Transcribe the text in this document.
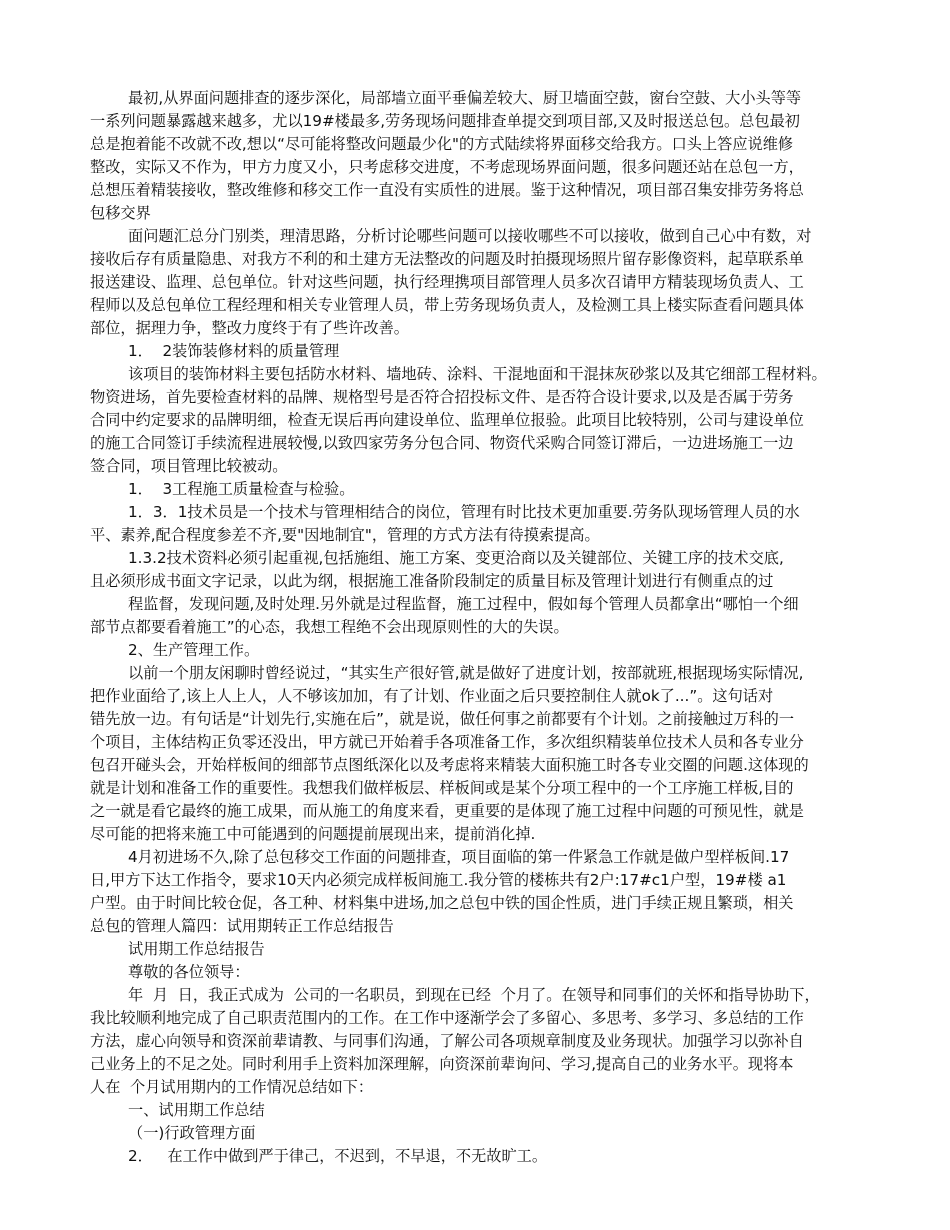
最初,从界面问题排查的逐步深化，局部墙立面平垂偏差较大、厨卫墙面空鼓，窗台空鼓、大小头等等
一系列问题暴露越来越多，尤以19#楼最多,劳务现场问题排查单提交到项目部,又及时报送总包。总包最初
总是抱着能不改就不改,想以“尽可能将整改问题最少化"的方式陆续将界面移交给我方。口头上答应说维修
整改，实际又不作为，甲方力度又小，只考虑移交进度，不考虑现场界面问题，很多问题还站在总包一方，
总想压着精装接收，整改维修和移交工作一直没有实质性的进展。鉴于这种情况，项目部召集安排劳务将总
包移交界
面问题汇总分门别类，理清思路，分析讨论哪些问题可以接收哪些不可以接收，做到自己心中有数，对
接收后存有质量隐患、对我方不利的和土建方无法整改的问题及时拍摄现场照片留存影像资料，起草联系单
报送建设、监理、总包单位。针对这些问题，执行经理携项目部管理人员多次召请甲方精装现场负责人、工
程师以及总包单位工程经理和相关专业管理人员，带上劳务现场负责人，及检测工具上楼实际查看问题具体
部位，据理力争，整改力度终于有了些许改善。
1．  2装饰装修材料的质量管理
该项目的装饰材料主要包括防水材料、墙地砖、涂料、干混地面和干混抹灰砂浆以及其它细部工程材料。
物资进场，首先要检查材料的品牌、规格型号是否符合招投标文件、是否符合设计要求,以及是否属于劳务
合同中约定要求的品牌明细，检查无误后再向建设单位、监理单位报验。此项目比较特别，公司与建设单位
的施工合同签订手续流程进展较慢,以致四家劳务分包合同、物资代采购合同签订滞后，一边进场施工一边
签合同，项目管理比较被动。
1．  3工程施工质量检查与检验。
1．3．1技术员是一个技术与管理相结合的岗位，管理有时比技术更加重要.劳务队现场管理人员的水
平、素养,配合程度参差不齐,要"因地制宜"，管理的方式方法有待摸索提高。
1.3.2技术资料必须引起重视,包括施组、施工方案、变更洽商以及关键部位、关键工序的技术交底,
且必须形成书面文字记录，以此为纲，根据施工准备阶段制定的质量目标及管理计划进行有侧重点的过
程监督，发现问题,及时处理.另外就是过程监督，施工过程中，假如每个管理人员都拿出“哪怕一个细
部节点都要看着施工”的心态，我想工程绝不会出现原则性的大的失误。
2、生产管理工作。
以前一个朋友闲聊时曾经说过，“其实生产很好管,就是做好了进度计划，按部就班,根据现场实际情况,
把作业面给了,该上人上人，人不够该加加，有了计划、作业面之后只要控制住人就ok了...”。这句话对
错先放一边。有句话是“计划先行,实施在后”，就是说，做任何事之前都要有个计划。之前接触过万科的一
个项目，主体结构正负零还没出，甲方就已开始着手各项准备工作，多次组织精装单位技术人员和各专业分
包召开碰头会，开始样板间的细部节点图纸深化以及考虑将来精装大面积施工时各专业交圈的问题.这体现的
就是计划和准备工作的重要性。我想我们做样板层、样板间或是某个分项工程中的一个工序施工样板,目的
之一就是看它最终的施工成果，而从施工的角度来看，更重要的是体现了施工过程中问题的可预见性，就是
尽可能的把将来施工中可能遇到的问题提前展现出来，提前消化掉.
4月初进场不久,除了总包移交工作面的问题排查，项目面临的第一件紧急工作就是做户型样板间.17
日,甲方下达工作指令，要求10天内必须完成样板间施工.我分管的楼栋共有2户:17#c1户型，19#楼 a1
户型。由于时间比较仓促，各工种、材料集中进场,加之总包中铁的国企性质，进门手续正规且繁琐，相关
总包的管理人篇四：试用期转正工作总结报告
试用期工作总结报告
尊敬的各位领导：
年  月  日，我正式成为  公司的一名职员，到现在已经  个月了。在领导和同事们的关怀和指导协助下，
我比较顺利地完成了自己职责范围内的工作。在工作中逐渐学会了多留心、多思考、多学习、多总结的工作
方法，虚心向领导和资深前辈请教、与同事们沟通，了解公司各项规章制度及业务现状。加强学习以弥补自
己业务上的不足之处。同时利用手上资料加深理解，向资深前辈询问、学习,提高自己的业务水平。现将本
人在  个月试用期内的工作情况总结如下：
一、试用期工作总结
（一)行政管理方面
2．   在工作中做到严于律己，不迟到，不早退，不无故旷工。
